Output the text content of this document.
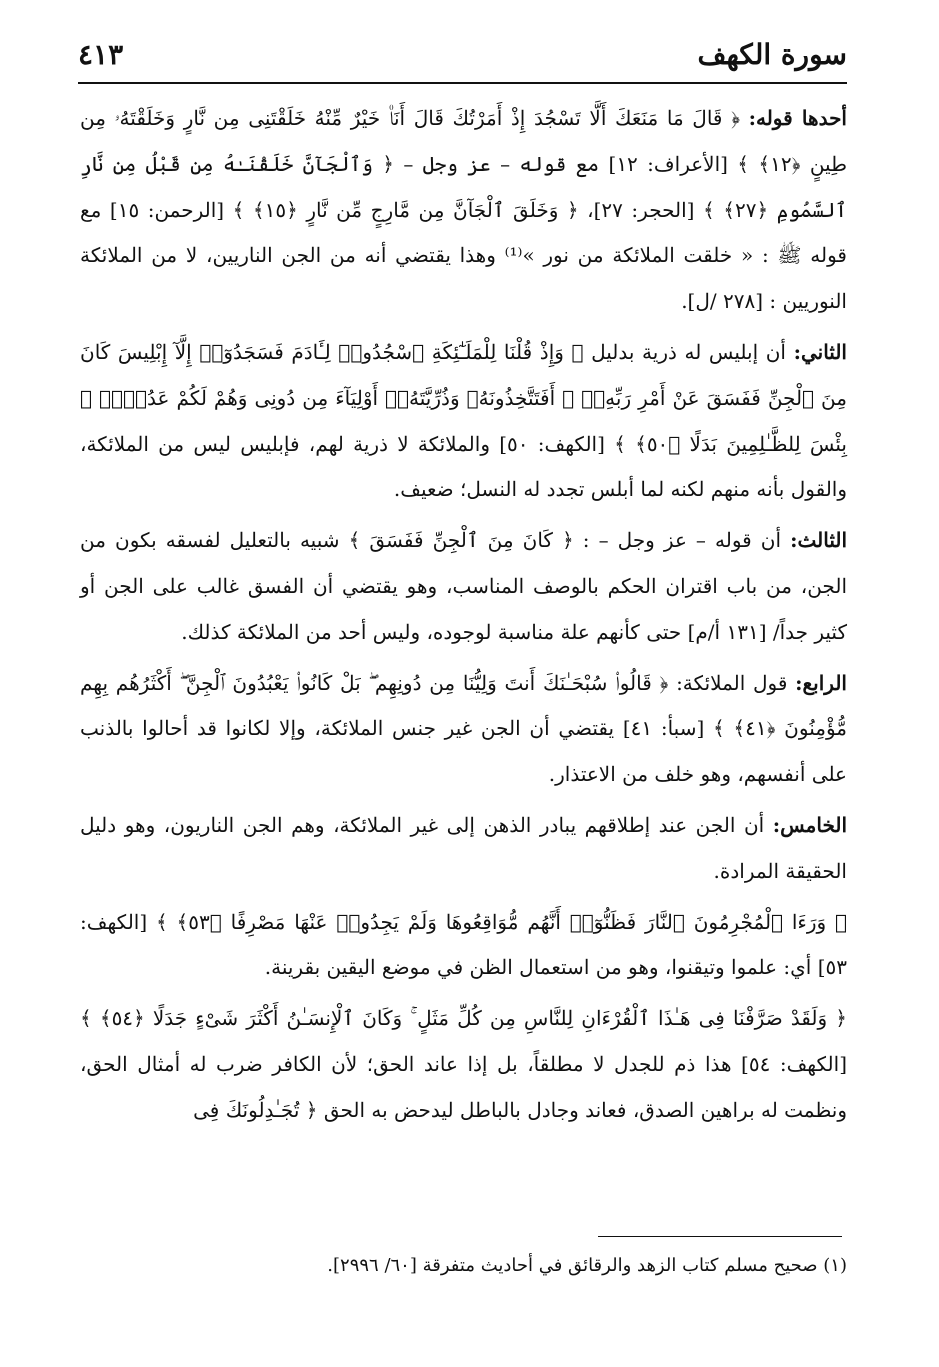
سورة الكهف
٤١٣

أحدها قوله: ﴿ قَالَ مَا مَنَعَكَ أَلَّا تَسْجُدَ إِذْ أَمَرْتُكَ قَالَ أَنَا۠ خَيْرٌ مِّنْهُ خَلَقْتَنِى مِن نَّارٍ وَخَلَقْتَهُۥ مِن طِينٍ ﴿١٢﴾ ﴾ [الأعراف: ١٢] مع قوله – عز وجل – ﴿ وَٱلْجَآنَّ خَلَقْنَـٰهُ مِن قَبْلُ مِن نَّارِ ٱلسَّمُومِ ﴿٢٧﴾ ﴾ [الحجر: ٢٧]، ﴿ وَخَلَقَ ٱلْجَآنَّ مِن مَّارِجٍ مِّن نَّارٍ ﴿١٥﴾ ﴾ [الرحمن: ١٥] مع قوله ﷺ : « خلقت الملائكة من نور »⁽¹⁾ وهذا يقتضي أنه من الجن الناريين، لا من الملائكة النوريين : [٢٧٨ /ل].

الثاني: أن إبليس له ذرية بدليل ﴿ وَإِذْ قُلْنَا لِلْمَلَـٰٓئِكَةِ ٱسْجُدُوا۟ لِـَٔادَمَ فَسَجَدُوٓا۟ إِلَّآ إِبْلِيسَ كَانَ مِنَ ٱلْجِنِّ فَفَسَقَ عَنْ أَمْرِ رَبِّهِۦٓ ۗ أَفَتَتَّخِذُونَهُۥ وَذُرِّيَّتَهُۥٓ أَوْلِيَآءَ مِن دُونِى وَهُمْ لَكُمْ عَدُوٌّۢ ۚ بِئْسَ لِلظَّـٰلِمِينَ بَدَلًا ﴿٥٠﴾ ﴾ [الكهف: ٥٠] والملائكة لا ذرية لهم، فإبليس ليس من الملائكة، والقول بأنه منهم لكنه لما أبلس تجدد له النسل؛ ضعيف.

الثالث: أن قوله – عز وجل – : ﴿ كَانَ مِنَ ٱلْجِنِّ فَفَسَقَ ﴾ شبيه بالتعليل لفسقه بكون من الجن، من باب اقتران الحكم بالوصف المناسب، وهو يقتضي أن الفسق غالب على الجن أو كثير جداً/ [١٣١ أ/م] حتى كأنهم علة مناسبة لوجوده، وليس أحد من الملائكة كذلك.

الرابع: قول الملائكة: ﴿ قَالُوا۟ سُبْحَـٰنَكَ أَنتَ وَلِيُّنَا مِن دُونِهِم ۖ بَلْ كَانُوا۟ يَعْبُدُونَ ٱلْجِنَّ ۖ أَكْثَرُهُم بِهِم مُّؤْمِنُونَ ﴿٤١﴾ ﴾ [سبأ: ٤١] يقتضي أن الجن غير جنس الملائكة، وإلا لكانوا قد أحالوا بالذنب على أنفسهم، وهو خلف من الاعتذار.

الخامس: أن الجن عند إطلاقهم يبادر الذهن إلى غير الملائكة، وهم الجن الناريون، وهو دليل الحقيقة المرادة.

﴿ وَرَءَا ٱلْمُجْرِمُونَ ٱلنَّارَ فَظَنُّوٓا۟ أَنَّهُم مُّوَاقِعُوهَا وَلَمْ يَجِدُوا۟ عَنْهَا مَصْرِفًا ﴿٥٣﴾ ﴾ [الكهف: ٥٣] أي: علموا وتيقنوا، وهو من استعمال الظن في موضع اليقين بقرينة.

﴿ وَلَقَدْ صَرَّفْنَا فِى هَـٰذَا ٱلْقُرْءَانِ لِلنَّاسِ مِن كُلِّ مَثَلٍ ۚ وَكَانَ ٱلْإِنسَـٰنُ أَكْثَرَ شَىْءٍ جَدَلًا ﴿٥٤﴾ ﴾ [الكهف: ٥٤] هذا ذم للجدل لا مطلقاً، بل إذا عاند الحق؛ لأن الكافر ضرب له أمثال الحق، ونظمت له براهين الصدق، فعاند وجادل بالباطل ليدحض به الحق ﴿ تُجَـٰدِلُونَكَ فِى

(١) صحيح مسلم كتاب الزهد والرقائق في أحاديث متفرقة [٦٠/ ٢٩٩٦].
